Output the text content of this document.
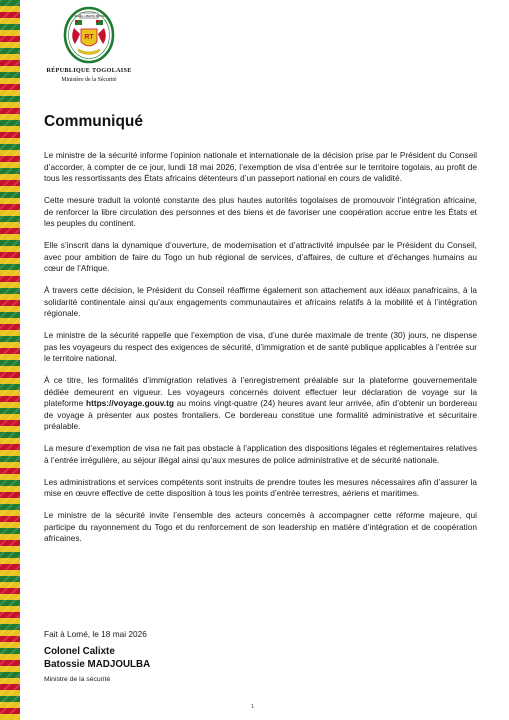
TRAVAIL LIBERTÉ PATRIE
RT
RÉPUBLIQUE TOGOLAISE
Ministère de la Sécurité
Communiqué

Le ministre de la sécurité informe l’opinion nationale et internationale de la décision prise par le Président du Conseil d’accorder, à compter de ce jour, lundi 18 mai 2026, l’exemption de visa d’entrée sur le territoire togolais, au profit de tous les ressortissants des États africains détenteurs d’un passeport national en cours de validité.

Cette mesure traduit la volonté constante des plus hautes autorités togolaises de promouvoir l’intégration africaine, de renforcer la libre circulation des personnes et des biens et de favoriser une coopération accrue entre les États et les peuples du continent.

Elle s’inscrit dans la dynamique d’ouverture, de modernisation et d’attractivité impulsée par le Président du Conseil, avec pour ambition de faire du Togo un hub régional de services, d’affaires, de culture et d’échanges humains au cœur de l’Afrique.

À travers cette décision, le Président du Conseil réaffirme également son attachement aux idéaux panafricains, à la solidarité continentale ainsi qu’aux engagements communautaires et africains relatifs à la mobilité et à l’intégration régionale.

Le ministre de la sécurité rappelle que l’exemption de visa, d’une durée maximale de trente (30) jours, ne dispense pas les voyageurs du respect des exigences de sécurité, d’immigration et de santé publique applicables à l’entrée sur le territoire national.

À ce titre, les formalités d’immigration relatives à l’enregistrement préalable sur la plateforme gouvernementale dédiée demeurent en vigueur. Les voyageurs concernés doivent effectuer leur déclaration de voyage sur la plateforme https://voyage.gouv.tg au moins vingt-quatre (24) heures avant leur arrivée, afin d’obtenir un bordereau de voyage à présenter aux postes frontaliers. Ce bordereau constitue une formalité administrative et sécuritaire préalable.

La mesure d’exemption de visa ne fait pas obstacle à l’application des dispositions légales et réglementaires relatives à l’entrée irrégulière, au séjour illégal ainsi qu’aux mesures de police administrative et de sécurité nationale.

Les administrations et services compétents sont instruits de prendre toutes les mesures nécessaires afin d’assurer la mise en œuvre effective de cette disposition à tous les points d’entrée terrestres, aériens et maritimes.

Le ministre de la sécurité invite l’ensemble des acteurs concernés à accompagner cette réforme majeure, qui participe du rayonnement du Togo et du renforcement de son leadership en matière d’intégration et de coopération africaines.

Fait à Lomé, le 18 mai 2026
Colonel Calixte
Batossie MADJOULBA
Ministre de la sécurité
1
